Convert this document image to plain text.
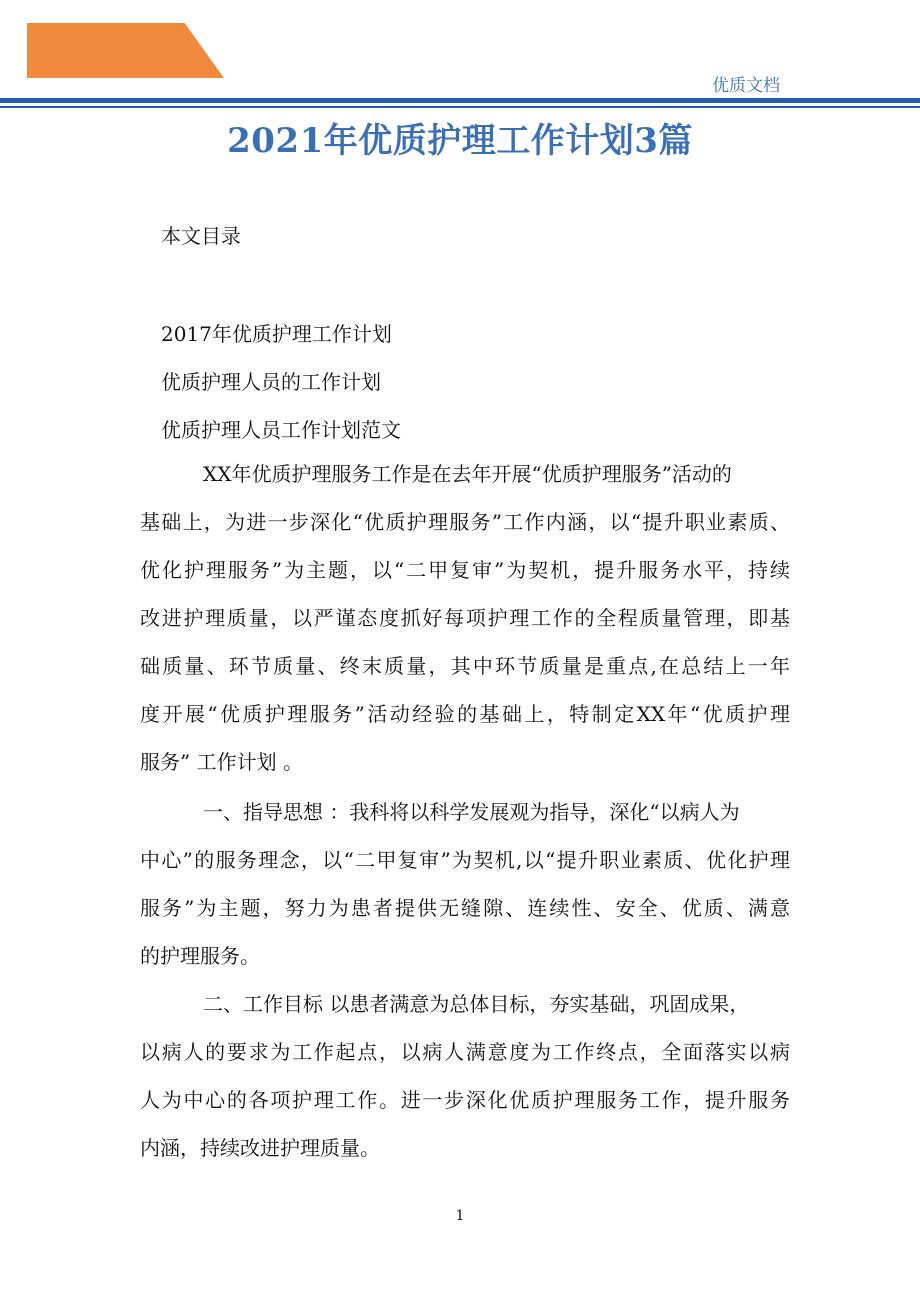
优质文档
2021年优质护理工作计划3篇
本文目录
2017年优质护理工作计划
优质护理人员的工作计划
优质护理人员工作计划范文
XX年优质护理服务工作是在去年开展“优质护理服务”活动的
基础上，为进一步深化“优质护理服务”工作内涵，以“提升职业素质、
优化护理服务”为主题，以“二甲复审”为契机，提升服务水平，持续
改进护理质量，以严谨态度抓好每项护理工作的全程质量管理，即基
础质量、环节质量、终末质量，其中环节质量是重点,在总结上一年
度开展“优质护理服务”活动经验的基础上，特制定XX年“优质护理
服务” 工作计划 。
一、指导思想 ：我科将以科学发展观为指导，深化“以病人为
中心”的服务理念，以“二甲复审”为契机,以“提升职业素质、优化护理
服务”为主题，努力为患者提供无缝隙、连续性、安全、优质、满意
的护理服务。
二、工作目标 以患者满意为总体目标，夯实基础，巩固成果，
以病人的要求为工作起点，以病人满意度为工作终点，全面落实以病
人为中心的各项护理工作。进一步深化优质护理服务工作，提升服务
内涵，持续改进护理质量。
1
